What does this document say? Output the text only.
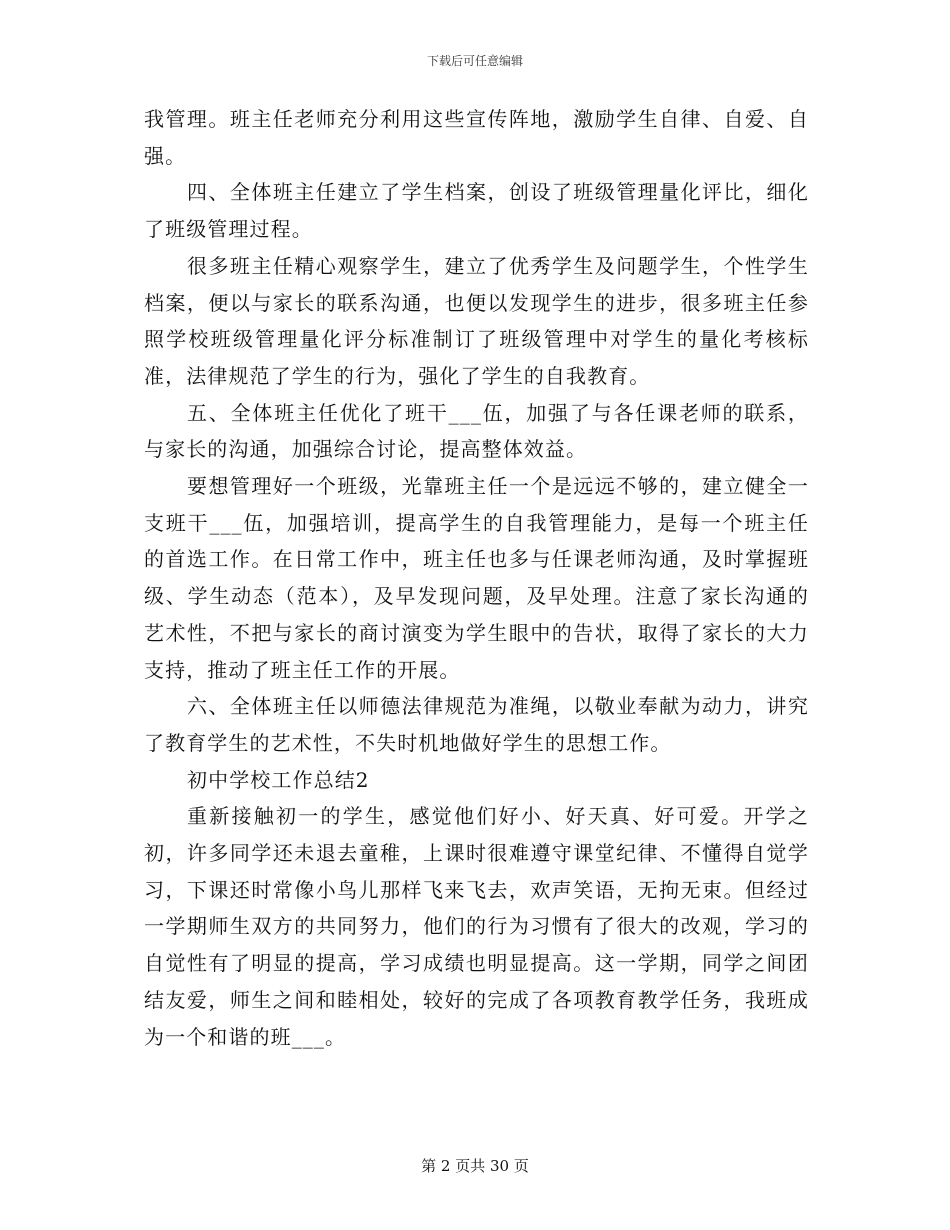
下载后可任意编辑

我管理。班主任老师充分利用这些宣传阵地，激励学生自律、自爱、自强。

四、全体班主任建立了学生档案，创设了班级管理量化评比，细化了班级管理过程。

很多班主任精心观察学生，建立了优秀学生及问题学生，个性学生档案，便以与家长的联系沟通，也便以发现学生的进步，很多班主任参照学校班级管理量化评分标准制订了班级管理中对学生的量化考核标准，法律规范了学生的行为，强化了学生的自我教育。

五、全体班主任优化了班干___伍，加强了与各任课老师的联系，与家长的沟通，加强综合讨论，提高整体效益。

要想管理好一个班级，光靠班主任一个是远远不够的，建立健全一支班干___伍，加强培训，提高学生的自我管理能力，是每一个班主任的首选工作。在日常工作中，班主任也多与任课老师沟通，及时掌握班级、学生动态（范本），及早发现问题，及早处理。注意了家长沟通的艺术性，不把与家长的商讨演变为学生眼中的告状，取得了家长的大力支持，推动了班主任工作的开展。

六、全体班主任以师德法律规范为准绳，以敬业奉献为动力，讲究了教育学生的艺术性，不失时机地做好学生的思想工作。

初中学校工作总结2

重新接触初一的学生，感觉他们好小、好天真、好可爱。开学之初，许多同学还未退去童稚，上课时很难遵守课堂纪律、不懂得自觉学习，下课还时常像小鸟儿那样飞来飞去，欢声笑语，无拘无束。但经过一学期师生双方的共同努力，他们的行为习惯有了很大的改观，学习的自觉性有了明显的提高，学习成绩也明显提高。这一学期，同学之间团结友爱，师生之间和睦相处，较好的完成了各项教育教学任务，我班成为一个和谐的班___。

第 2 页共 30 页
